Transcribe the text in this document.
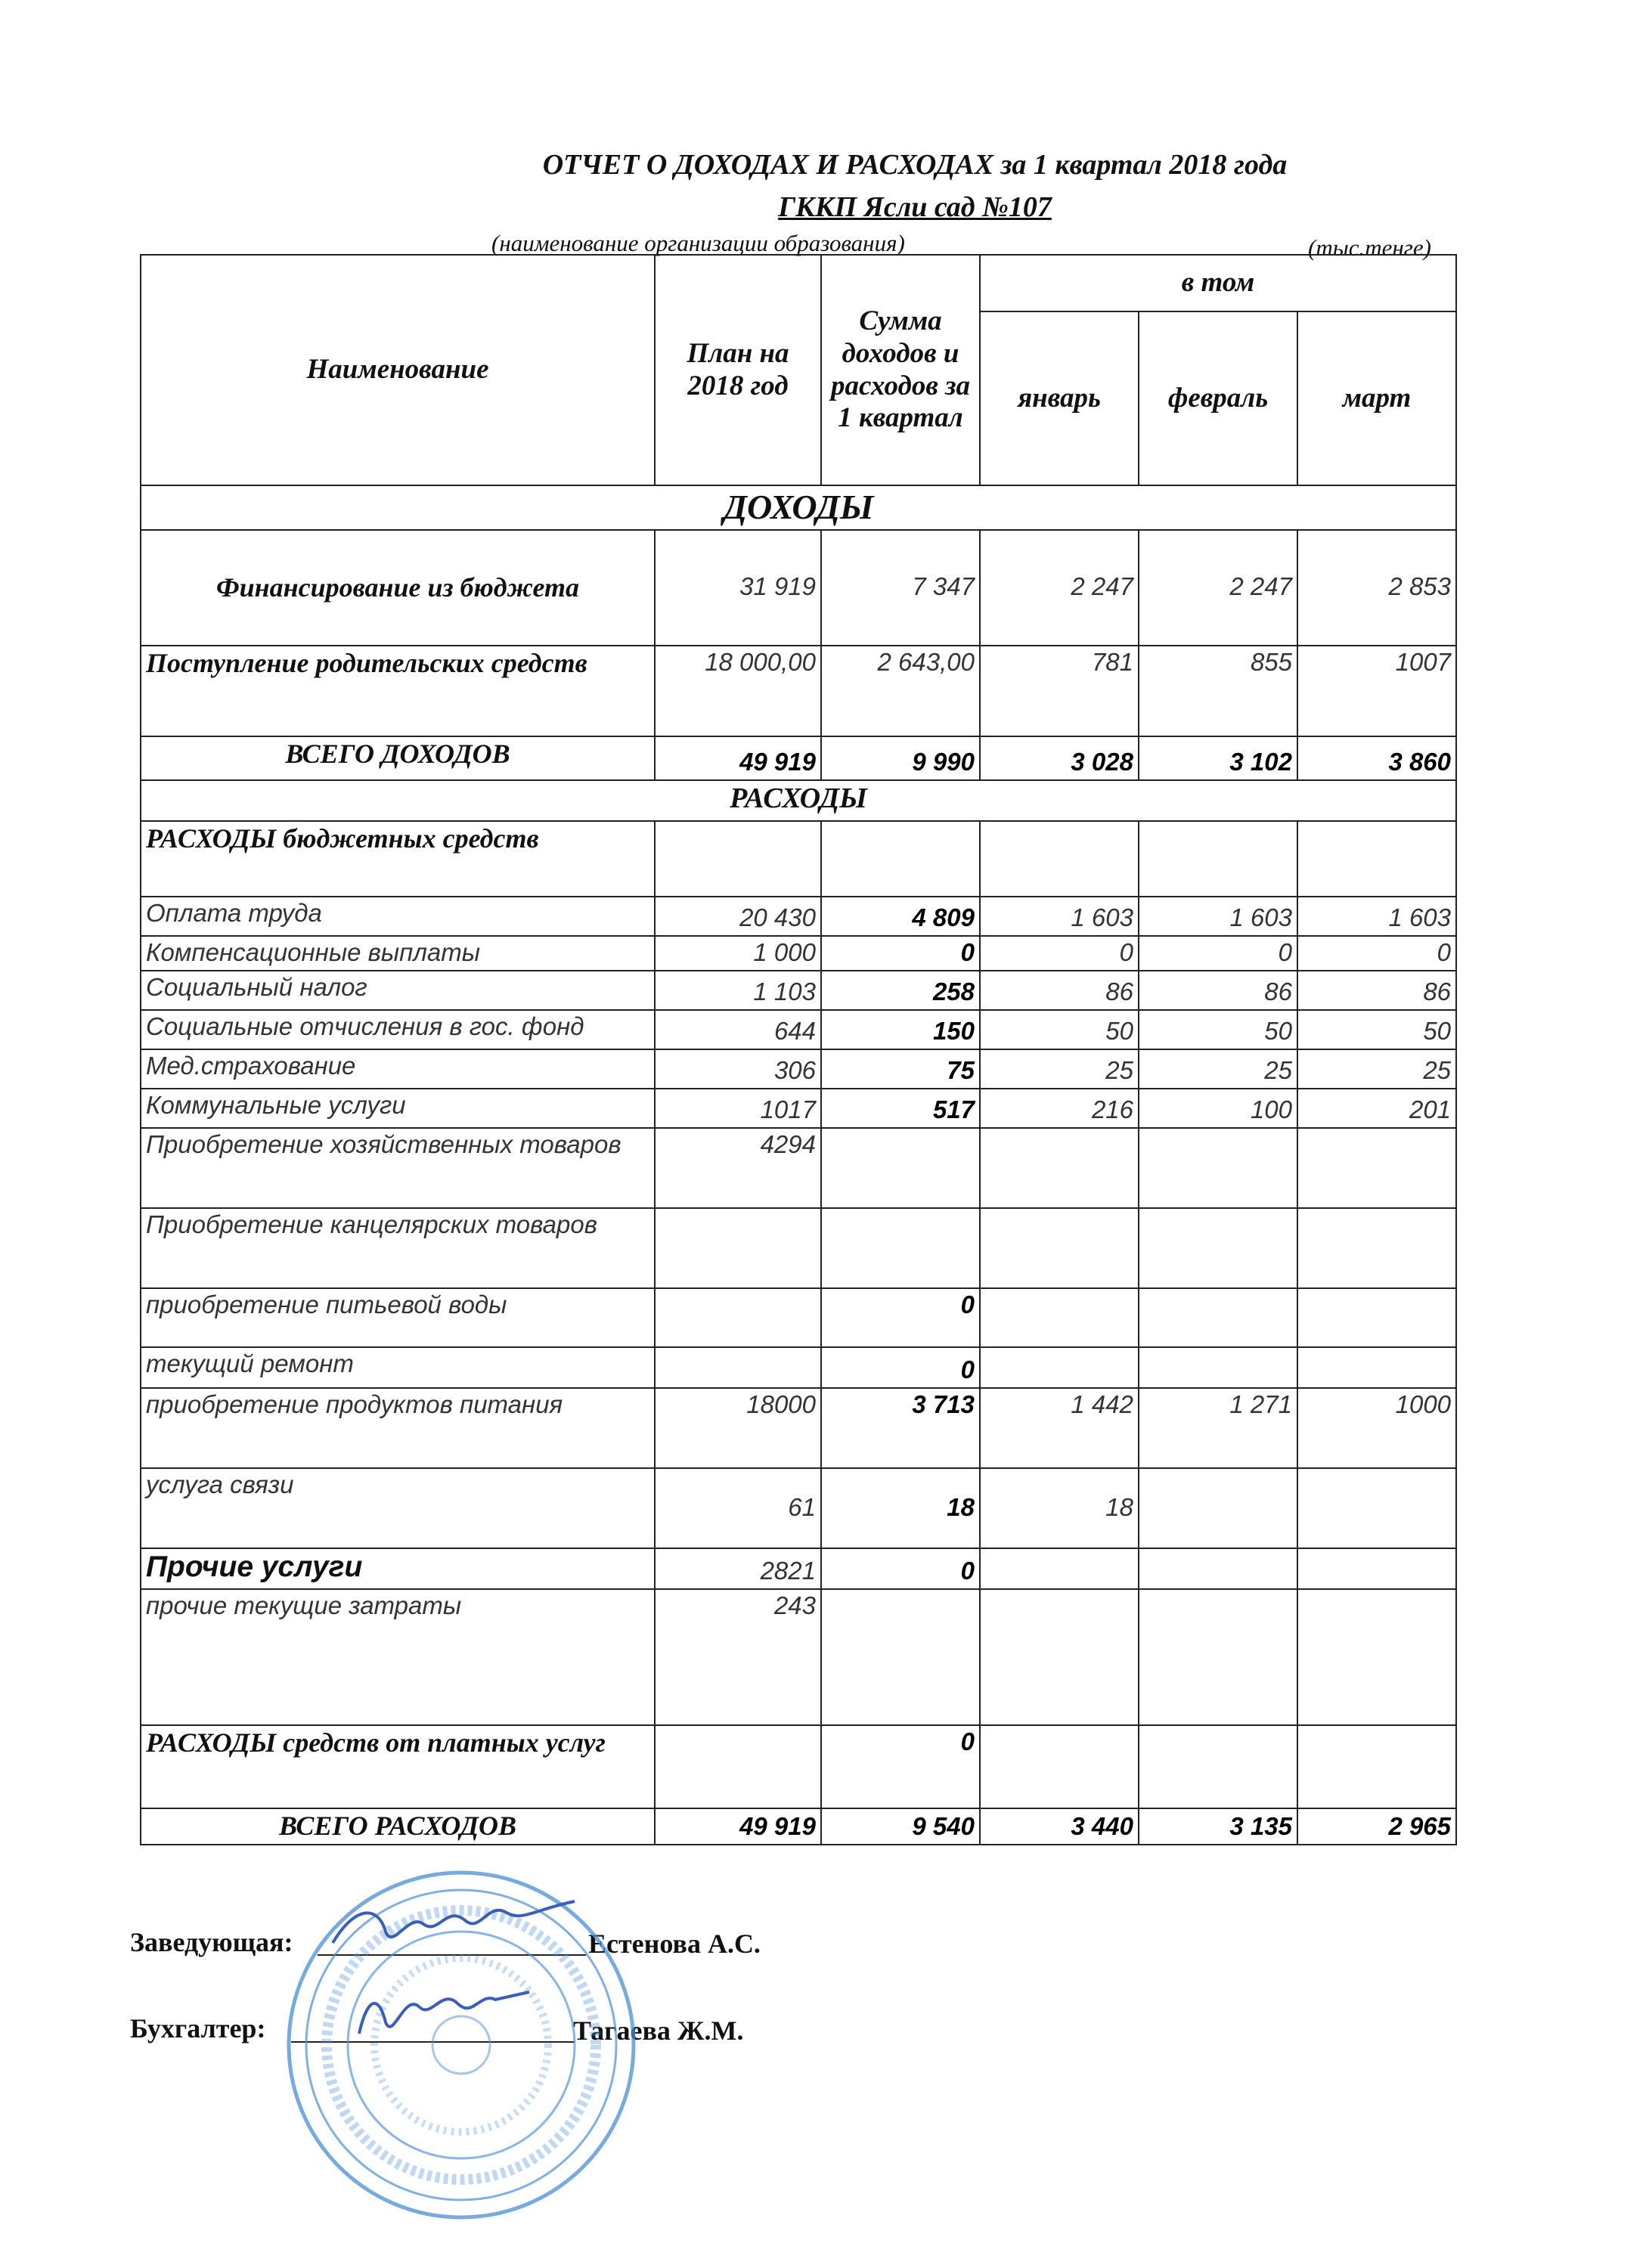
ОТЧЕТ О ДОХОДАХ И РАСХОДАХ за 1 квартал 2018 года
ГККП Ясли сад №107
(наименование организации образования)	(тыс.тенге)
Наименование	План на 2018 год	Сумма доходов и расходов за 1 квартал	в том		
			январь	февраль	март
ДОХОДЫ					
Финансирование из бюджета	31 919	7 347	2 247	2 247	2 853
Поступление родительских средств	18 000,00	2 643,00	781	855	1007
ВСЕГО ДОХОДОВ	49 919	9 990	3 028	3 102	3 860
РАСХОДЫ					
РАСХОДЫ бюджетных средств					
Оплата труда	20 430	4 809	1 603	1 603	1 603
Компенсационные выплаты	1 000	0	0	0	0
Социальный налог	1 103	258	86	86	86
Социальные отчисления в гос. фонд	644	150	50	50	50
Мед.страхование	306	75	25	25	25
Коммунальные услуги	1017	517	216	100	201
Приобретение хозяйственных товаров	4294				
Приобретение канцелярских товаров					
приобретение питьевой воды		0			
текущий ремонт		0			
приобретение продуктов питания	18000	3 713	1 442	1 271	1000
услуга связи	61	18	18		
Прочие услуги	2821	0			
прочие текущие затраты	243				
РАСХОДЫ средств от платных услуг		0			
ВСЕГО РАСХОДОВ	49 919	9 540	3 440	3 135	2 965
Заведующая:	Естенова А.С.
Бухгалтер:	Тагаева Ж.М.
